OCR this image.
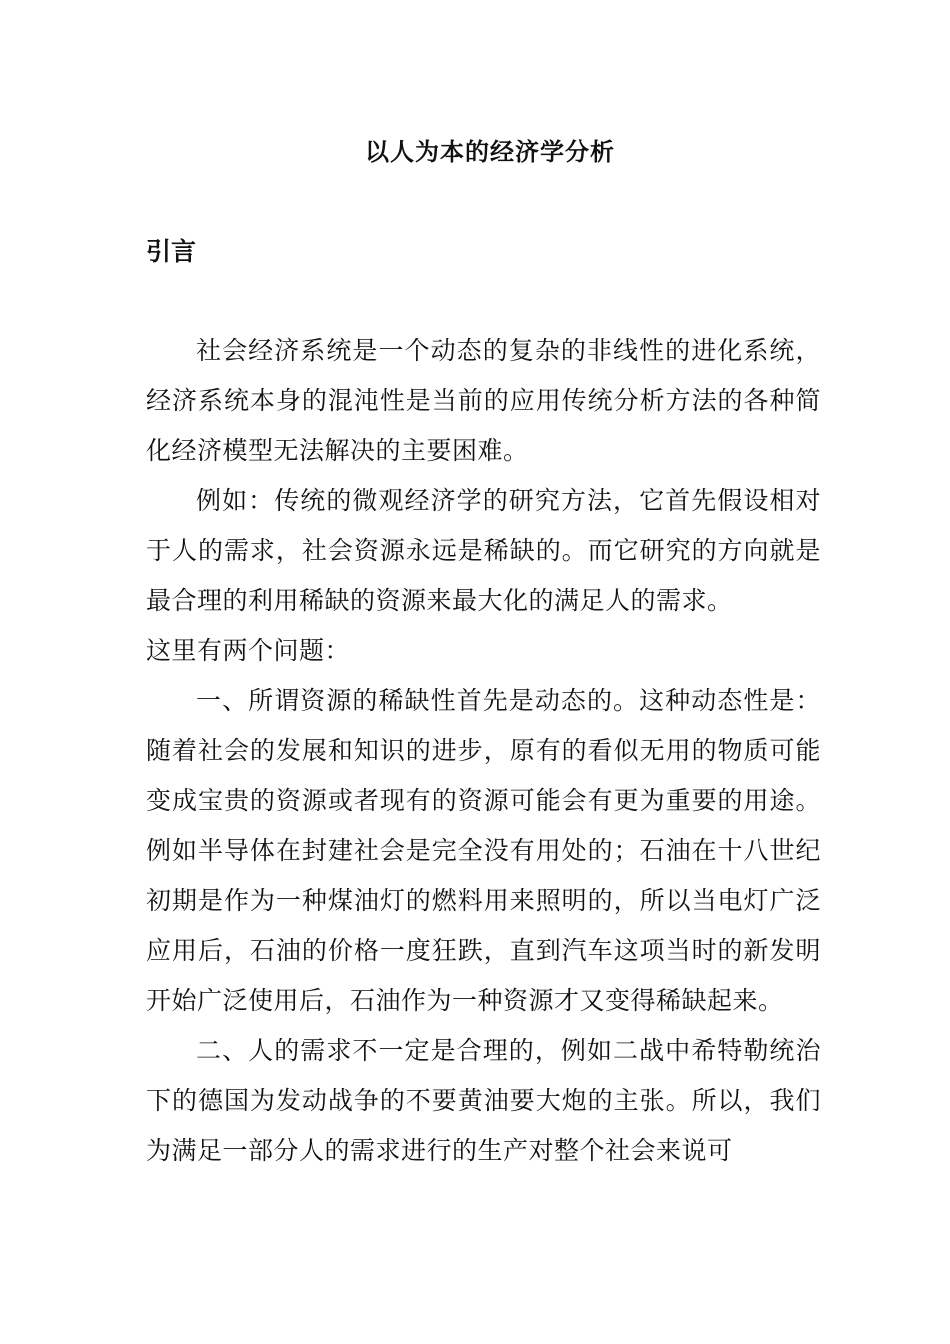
以人为本的经济学分析
引言

社会经济系统是一个动态的复杂的非线性的进化系统，经济系统本身的混沌性是当前的应用传统分析方法的各种简化经济模型无法解决的主要困难。

例如：传统的微观经济学的研究方法，它首先假设相对于人的需求，社会资源永远是稀缺的。而它研究的方向就是最合理的利用稀缺的资源来最大化的满足人的需求。

这里有两个问题：

一、所谓资源的稀缺性首先是动态的。这种动态性是：随着社会的发展和知识的进步，原有的看似无用的物质可能变成宝贵的资源或者现有的资源可能会有更为重要的用途。例如半导体在封建社会是完全没有用处的；石油在十八世纪初期是作为一种煤油灯的燃料用来照明的，所以当电灯广泛应用后，石油的价格一度狂跌，直到汽车这项当时的新发明开始广泛使用后，石油作为一种资源才又变得稀缺起来。

二、人的需求不一定是合理的，例如二战中希特勒统治下的德国为发动战争的不要黄油要大炮的主张。所以，我们为满足一部分人的需求进行的生产对整个社会来说可
